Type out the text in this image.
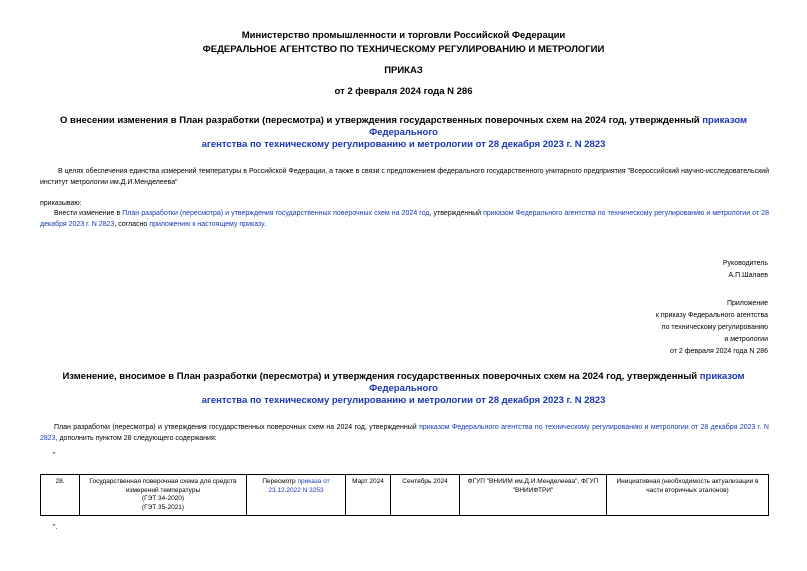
Министерство промышленности и торговли Российской Федерации
ФЕДЕРАЛЬНОЕ АГЕНТСТВО ПО ТЕХНИЧЕСКОМУ РЕГУЛИРОВАНИЮ И МЕТРОЛОГИИ
ПРИКАЗ
от 2 февраля 2024 года N 286
О внесении изменения в План разработки (пересмотра) и утверждения государственных поверочных схем на 2024 год, утвержденный приказом Федерального
агентства по техническому регулированию и метрологии от 28 декабря 2023 г. N 2823
В целях обеспечения единства измерений температуры в Российской Федерации, а также в связи с предложением федерального государственного унитарного предприятия "Всероссийский научно-исследовательский институт метрологии им.Д.И.Менделеева"
приказываю:
Внести изменение в План разработки (пересмотра) и утверждения государственных поверочных схем на 2024 год, утвержденный приказом Федерального агентства по техническому регулированию и метрологии от 28 декабря 2023 г. N 2823, согласно приложению к настоящему приказу.
Руководитель
А.П.Шалаев
Приложение
к приказу Федерального агентства
по техническому регулированию
и метрологии
от 2 февраля 2024 года N 286
Изменение, вносимое в План разработки (пересмотра) и утверждения государственных поверочных схем на 2024 год, утвержденный приказом Федерального
агентства по техническому регулированию и метрологии от 28 декабря 2023 г. N 2823
План разработки (пересмотра) и утверждения государственных поверочных схем на 2024 год, утвержденный приказом Федерального агентства по техническому регулированию и метрологии от 28 декабря 2023 г. N 2823, дополнить пунктом 28 следующего содержания:
"
28.	Государственная поверочная схема для средств
измерений температуры
(ГЭТ 34-2020)
(ГЭТ 35-2021)
	Пересмотр приказа от
23.12.2022 N 3253	Март 2024	Сентябрь 2024	ФГУП "ВНИИМ им.Д.И.Менделеева", ФГУП "ВНИИФТРИ"	Инициативная (необходимость актуализации в части вторичных эталонов)
".
